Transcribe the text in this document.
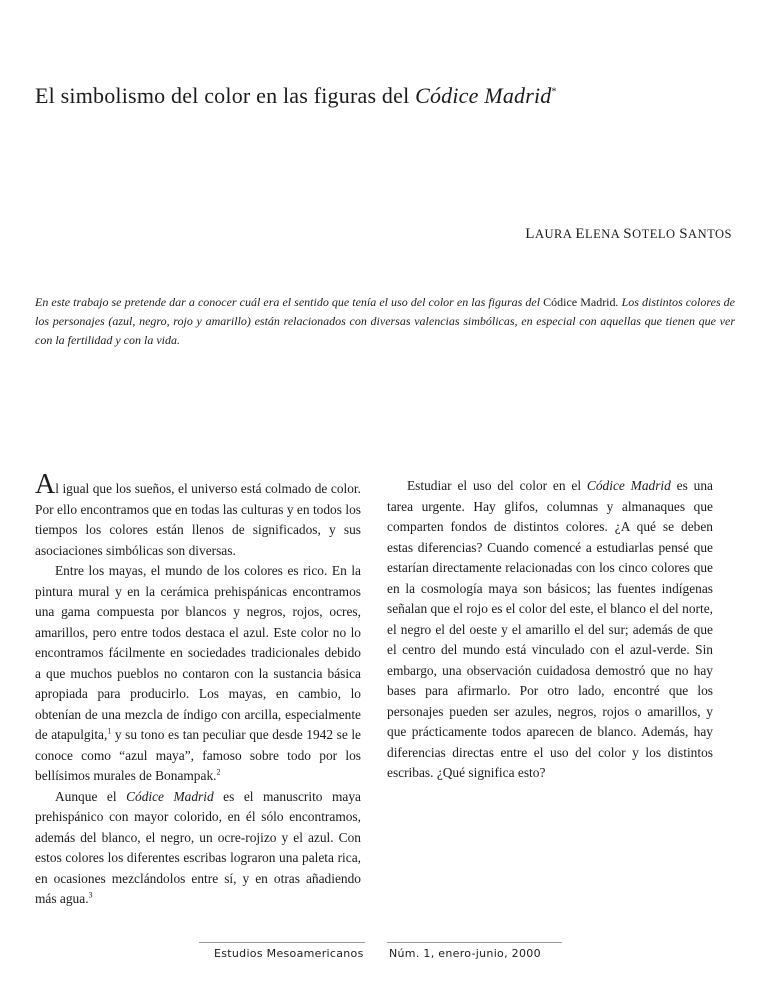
El simbolismo del color en las figuras del Códice Madrid*
LAURA ELENA SOTELO SANTOS
En este trabajo se pretende dar a conocer cuál era el sentido que tenía el uso del color en las figuras del Códice Madrid. Los distintos colores de los personajes (azul, negro, rojo y amarillo) están relacionados con diversas valencias simbólicas, en especial con aquellas que tienen que ver con la fertilidad y con la vida.

Al igual que los sueños, el universo está colmado de color. Por ello encontramos que en todas las culturas y en todos los tiempos los colores están llenos de significados, y sus asociaciones simbólicas son diversas.

Entre los mayas, el mundo de los colores es rico. En la pintura mural y en la cerámica prehispánicas encontramos una gama compuesta por blancos y negros, rojos, ocres, amarillos, pero entre todos destaca el azul. Este color no lo encontramos fácilmente en sociedades tradicionales debido a que muchos pueblos no contaron con la sustancia básica apropiada para producirlo. Los mayas, en cambio, lo obtenían de una mezcla de índigo con arcilla, especialmente de atapulgita,$^1$ y su tono es tan peculiar que desde 1942 se le conoce como “azul maya”, famoso sobre todo por los bellísimos murales de Bonampak.$^2$

Aunque el Códice Madrid es el manuscrito maya prehispánico con mayor colorido, en él sólo encontramos, además del blanco, el negro, un ocre-rojizo y el azul. Con estos colores los diferentes escribas lograron una paleta rica, en ocasiones mezclándolos entre sí, y en otras añadiendo más agua.$^3$

Estudiar el uso del color en el Códice Madrid es una tarea urgente. Hay glifos, columnas y almanaques que comparten fondos de distintos colores. ¿A qué se deben estas diferencias? Cuando comencé a estudiarlas pensé que estarían directamente relacionadas con los cinco colores que en la cosmología maya son básicos; las fuentes indígenas señalan que el rojo es el color del este, el blanco el del norte, el negro el del oeste y el amarillo el del sur; además de que el centro del mundo está vinculado con el azul-verde. Sin embargo, una observación cuidadosa demostró que no hay bases para afirmarlo. Por otro lado, encontré que los personajes pueden ser azules, negros, rojos o amarillos, y que prácticamente todos aparecen de blanco. Además, hay diferencias directas entre el uso del color y los distintos escribas. ¿Qué significa esto?

Estudios Mesoamericanos Núm. 1, enero-junio, 2000
